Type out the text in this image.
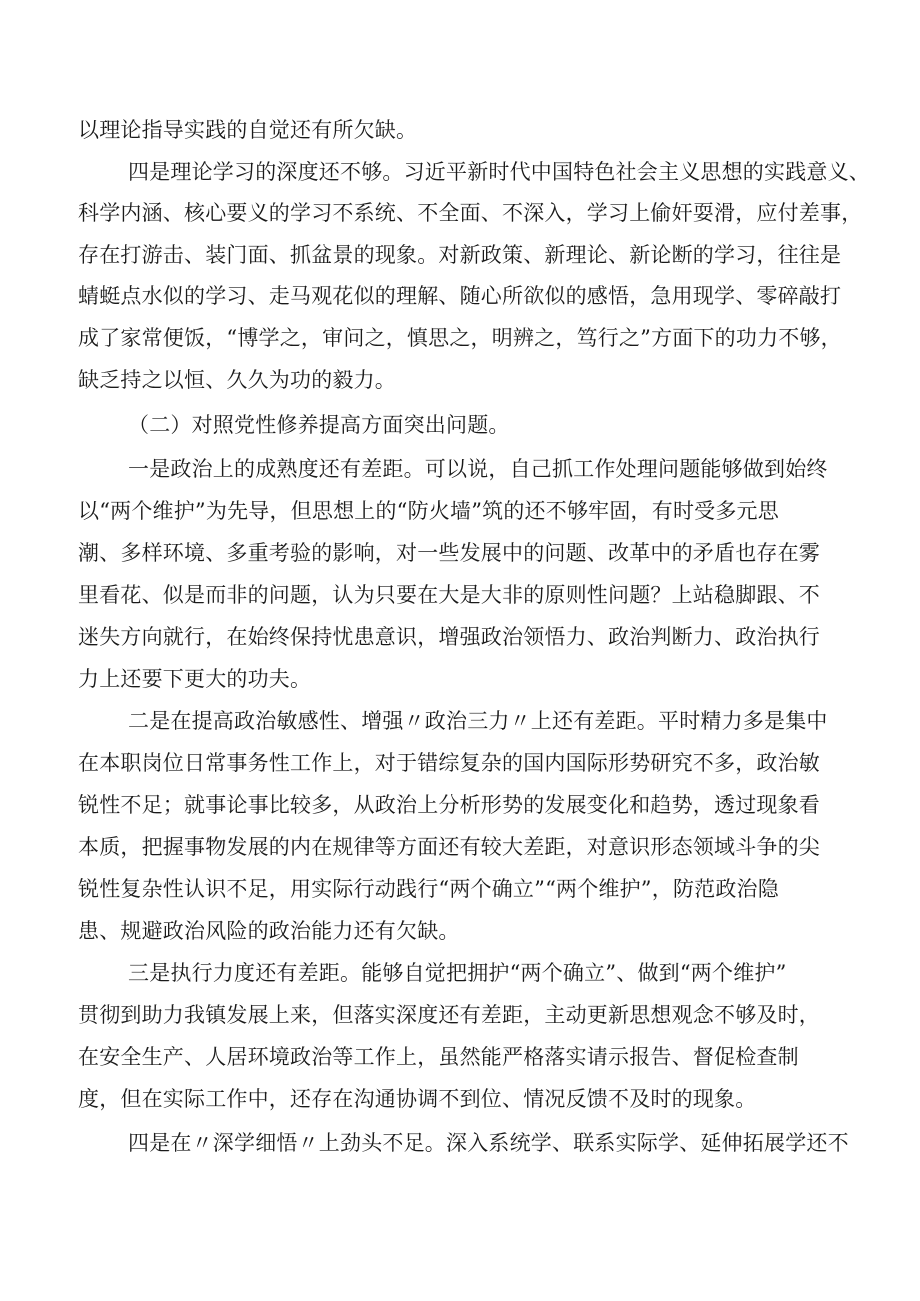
以理论指导实践的自觉还有所欠缺。
四是理论学习的深度还不够。习近平新时代中国特色社会主义思想的实践意义、
科学内涵、核心要义的学习不系统、不全面、不深入，学习上偷奸耍滑，应付差事，
存在打游击、装门面、抓盆景的现象。对新政策、新理论、新论断的学习，往往是
蜻蜓点水似的学习、走马观花似的理解、随心所欲似的感悟，急用现学、零碎敲打
成了家常便饭，“博学之，审问之，慎思之，明辨之，笃行之”方面下的功力不够，
缺乏持之以恒、久久为功的毅力。
（二）对照党性修养提高方面突出问题。
一是政治上的成熟度还有差距。可以说，自己抓工作处理问题能够做到始终
以“两个维护”为先导，但思想上的“防火墙”筑的还不够牢固，有时受多元思
潮、多样环境、多重考验的影响，对一些发展中的问题、改革中的矛盾也存在雾
里看花、似是而非的问题，认为只要在大是大非的原则性问题？上站稳脚跟、不
迷失方向就行，在始终保持忧患意识，增强政治领悟力、政治判断力、政治执行
力上还要下更大的功夫。
二是在提高政治敏感性、增强〃政治三力〃上还有差距。平时精力多是集中
在本职岗位日常事务性工作上，对于错综复杂的国内国际形势研究不多，政治敏
锐性不足；就事论事比较多，从政治上分析形势的发展变化和趋势，透过现象看
本质，把握事物发展的内在规律等方面还有较大差距，对意识形态领域斗争的尖
锐性复杂性认识不足，用实际行动践行“两个确立”“两个维护”，防范政治隐
患、规避政治风险的政治能力还有欠缺。
三是执行力度还有差距。能够自觉把拥护“两个确立”、做到“两个维护”
贯彻到助力我镇发展上来，但落实深度还有差距，主动更新思想观念不够及时，
在安全生产、人居环境政治等工作上，虽然能严格落实请示报告、督促检查制
度，但在实际工作中，还存在沟通协调不到位、情况反馈不及时的现象。
四是在〃深学细悟〃上劲头不足。深入系统学、联系实际学、延伸拓展学还不
